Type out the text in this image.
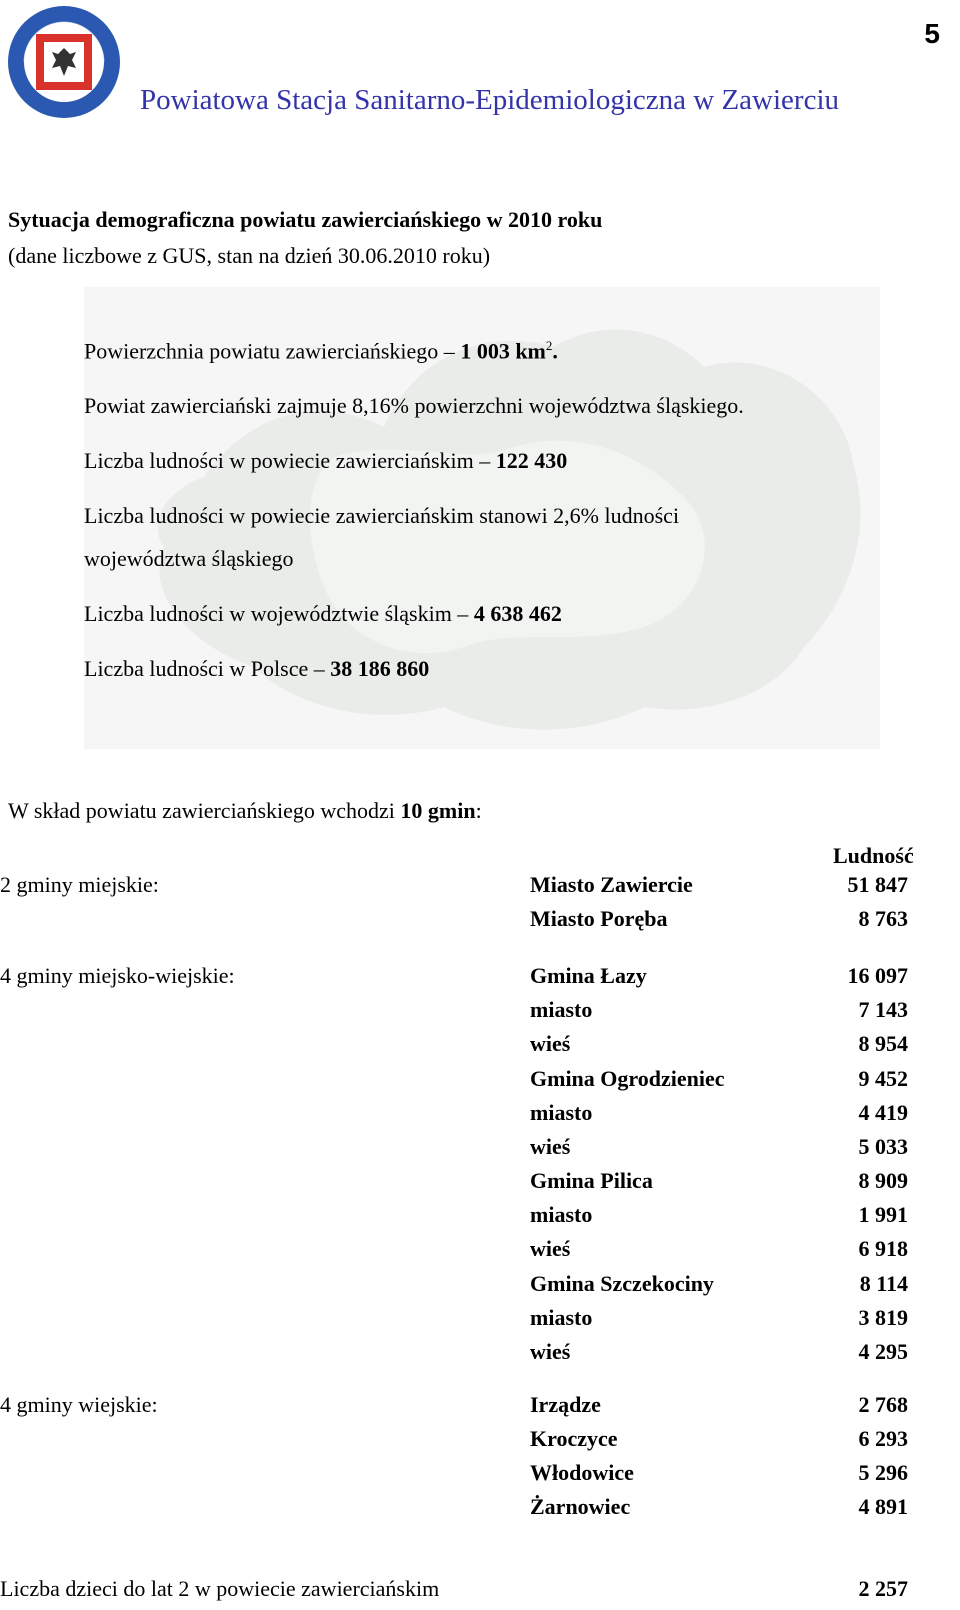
5
Powiatowa Stacja Sanitarno-Epidemiologiczna w Zawierciu
Sytuacja demograficzna powiatu zawierciańskiego w 2010 roku
(dane liczbowe z GUS, stan na dzień 30.06.2010 roku)
Powierzchnia powiatu zawierciańskiego – 1 003 $km^2$.
Powiat zawierciański zajmuje 8,16% powierzchni województwa śląskiego.
Liczba ludności w powiecie zawierciańskim – 122 430
Liczba ludności w powiecie zawierciańskim stanowi 2,6% ludności
województwa śląskiego
Liczba ludności w województwie śląskim – 4 638 462
Liczba ludności w Polsce – 38 186 860
W skład powiatu zawierciańskiego wchodzi 10 gmin:
Ludność
2 gminy miejskie:	Miasto Zawiercie	51 847
Miasto Poręba	8 763
4 gminy miejsko-wiejskie:	Gmina Łazy	16 097
miasto	7 143
wieś	8 954
Gmina Ogrodzieniec	9 452
miasto	4 419
wieś	5 033
Gmina Pilica	8 909
miasto	1 991
wieś	6 918
Gmina Szczekociny	8 114
miasto	3 819
wieś	4 295
4 gminy wiejskie:	Irządze	2 768
Kroczyce	6 293
Włodowice	5 296
Żarnowiec	4 891
Liczba dzieci do lat 2 w powiecie zawierciańskim	2 257
